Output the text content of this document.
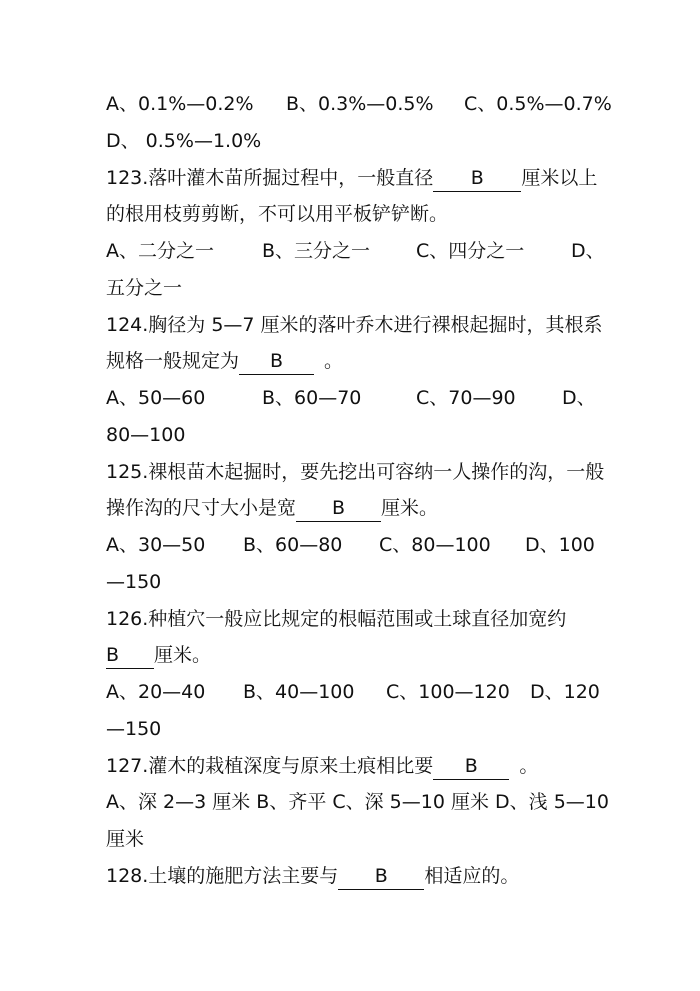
A、0.1%—0.2% B、0.3%—0.5% C、0.5%—0.7%
D、 0.5%—1.0%
123.落叶灌木苗所掘过程中，一般直径 B 厘米以上
的根用枝剪剪断，不可以用平板铲铲断。
A、二分之一	B、三分之一 C、四分之一 D、
五分之一
124.胸径为 5—7 厘米的落叶乔木进行裸根起掘时，其根系
规格一般规定为 B 。
A、50—60	B、60—70	C、70—90 D、
80—100
125.裸根苗木起掘时，要先挖出可容纳一人操作的沟，一般
操作沟的尺寸大小是宽 B 厘米。
A、30—50 B、60—80 C、80—100 D、100
—150
126.种植穴一般应比规定的根幅范围或土球直径加宽约
B 厘米。
A、20—40 B、40—100 C、100—120 D、120
—150
127.灌木的栽植深度与原来土痕相比要 B 。
A、深 2—3 厘米 B、齐平 C、深 5—10 厘米 D、浅 5—10
厘米
128.土壤的施肥方法主要与 B 相适应的。
